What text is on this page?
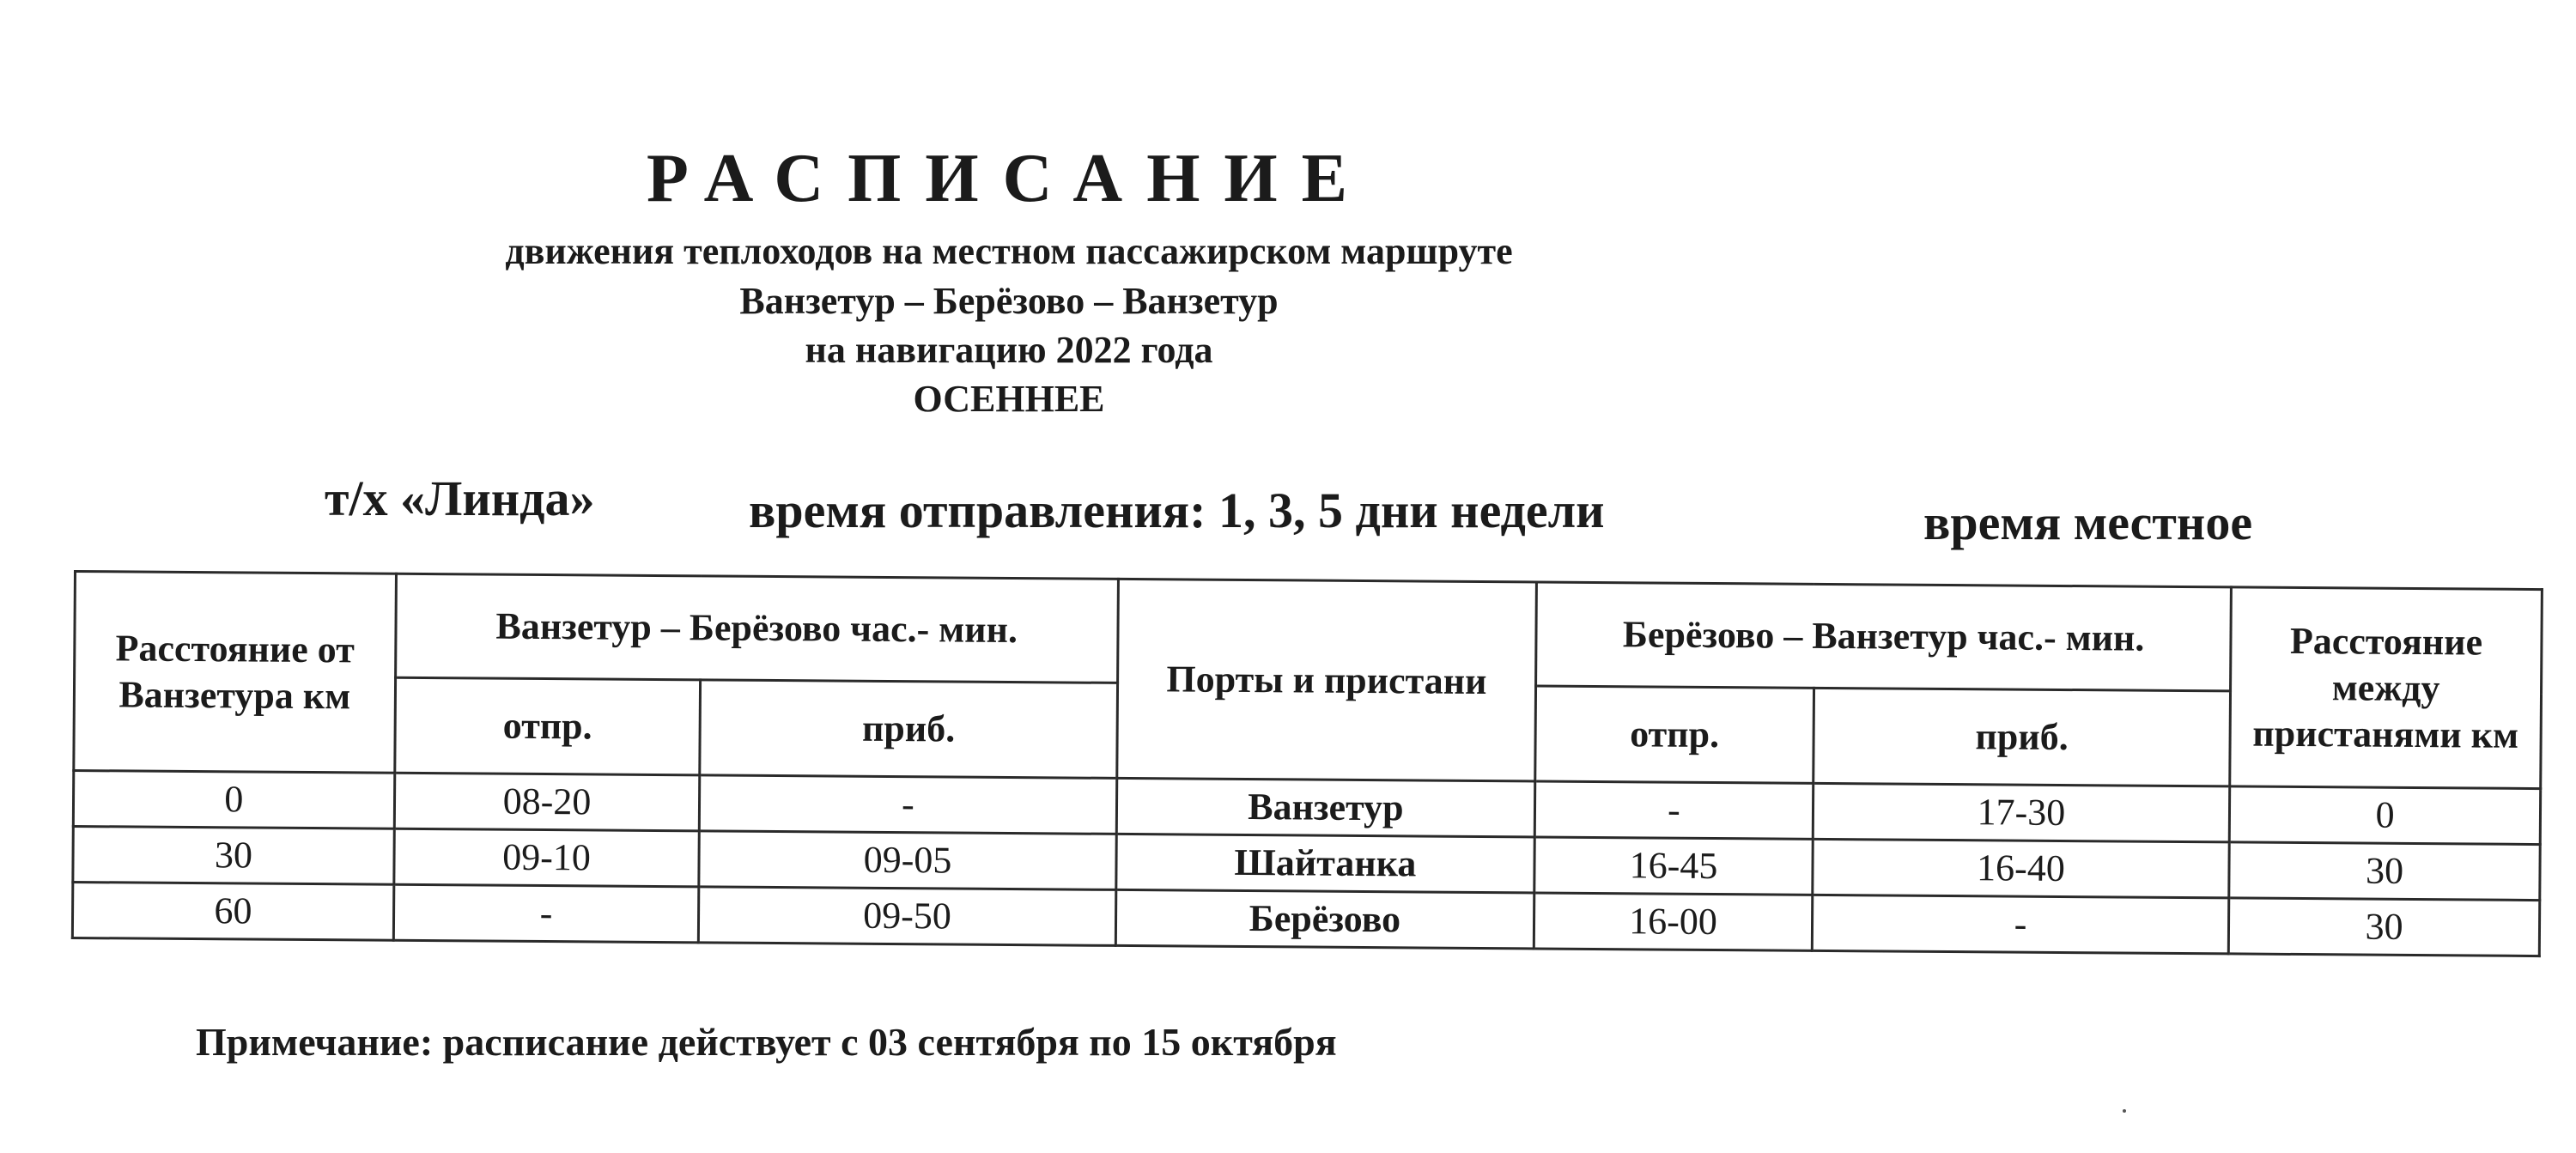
РАСПИСАНИЕ
движения теплоходов на местном пассажирском маршруте
Ванзетур – Берёзово – Ванзетур
на навигацию 2022 года
ОСЕННЕЕ
т/х «Линда»	время отправления: 1, 3, 5 дни недели	время местное
Расстояние от Ванзетура км	Ванзетур – Берёзово час.- мин.		Порты и пристани	Берёзово – Ванзетур час.- мин.		Расстояние между пристанями км
	отпр.	приб.		отпр.	приб.	
0	08-20	-	Ванзетур	-	17-30	0
30	09-10	09-05	Шайтанка	16-45	16-40	30
60	-	09-50	Берёзово	16-00	-	30
Примечание: расписание действует с 03 сентября по 15 октября
